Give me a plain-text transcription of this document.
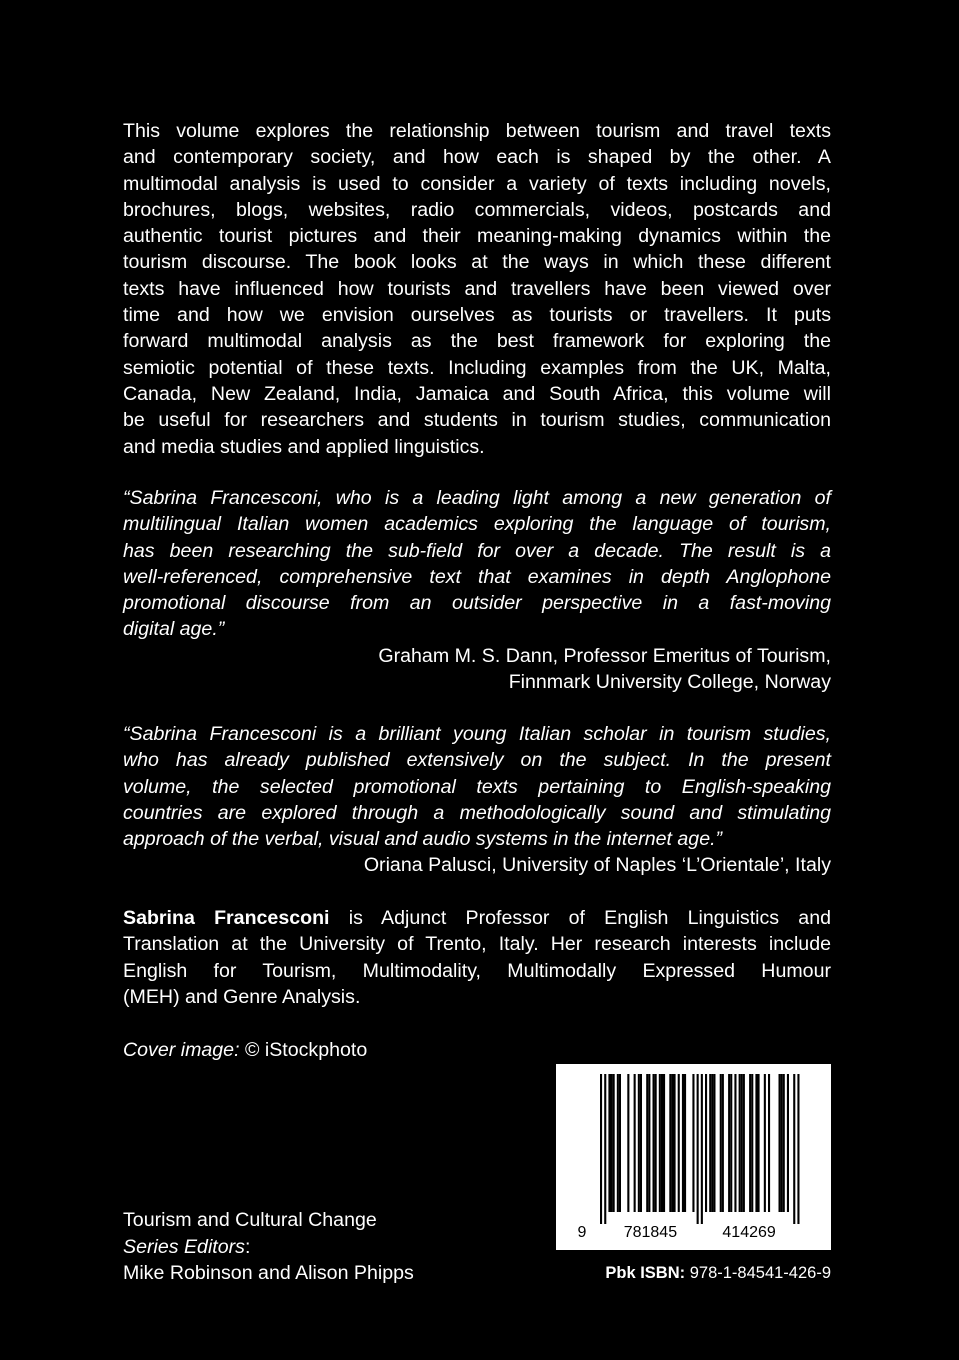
This volume explores the relationship between tourism and travel texts
and contemporary society, and how each is shaped by the other. A
multimodal analysis is used to consider a variety of texts including novels,
brochures, blogs, websites, radio commercials, videos, postcards and
authentic tourist pictures and their meaning-making dynamics within the
tourism discourse. The book looks at the ways in which these different
texts have influenced how tourists and travellers have been viewed over
time and how we envision ourselves as tourists or travellers. It puts
forward multimodal analysis as the best framework for exploring the
semiotic potential of these texts. Including examples from the UK, Malta,
Canada, New Zealand, India, Jamaica and South Africa, this volume will
be useful for researchers and students in tourism studies, communication
and media studies and applied linguistics.
“Sabrina Francesconi, who is a leading light among a new generation of
multilingual Italian women academics exploring the language of tourism,
has been researching the sub-field for over a decade. The result is a
well-referenced, comprehensive text that examines in depth Anglophone
promotional discourse from an outsider perspective in a fast-moving
digital age.”
Graham M. S. Dann, Professor Emeritus of Tourism,
Finnmark University College, Norway
“Sabrina Francesconi is a brilliant young Italian scholar in tourism studies,
who has already published extensively on the subject. In the present
volume, the selected promotional texts pertaining to English-speaking
countries are explored through a methodologically sound and stimulating
approach of the verbal, visual and audio systems in the internet age.”
Oriana Palusci, University of Naples ‘L’Orientale’, Italy
Sabrina Francesconi is Adjunct Professor of English Linguistics and
Translation at the University of Trento, Italy. Her research interests include
English for Tourism, Multimodality, Multimodally Expressed Humour
(MEH) and Genre Analysis.
Cover image: © iStockphoto
Tourism and Cultural Change
Series Editors:
Mike Robinson and Alison Phipps
9 781845	414269
Pbk ISBN: 978-1-84541-426-9
